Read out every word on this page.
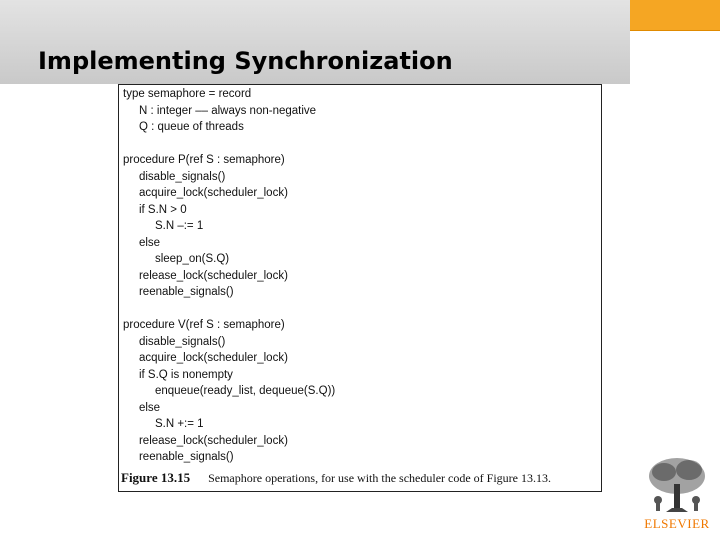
Implementing Synchronization
type semaphore = record
N : integer –– always non-negative
Q : queue of threads
procedure P(ref S : semaphore)
disable_signals()
acquire_lock(scheduler_lock)
if S.N > 0
S.N –:= 1
else
sleep_on(S.Q)
release_lock(scheduler_lock)
reenable_signals()
procedure V(ref S : semaphore)
disable_signals()
acquire_lock(scheduler_lock)
if S.Q is nonempty
enqueue(ready_list, dequeue(S.Q))
else
S.N +:= 1
release_lock(scheduler_lock)
reenable_signals()
Figure 13.15 Semaphore operations, for use with the scheduler code of Figure 13.13.
ELSEVIER
